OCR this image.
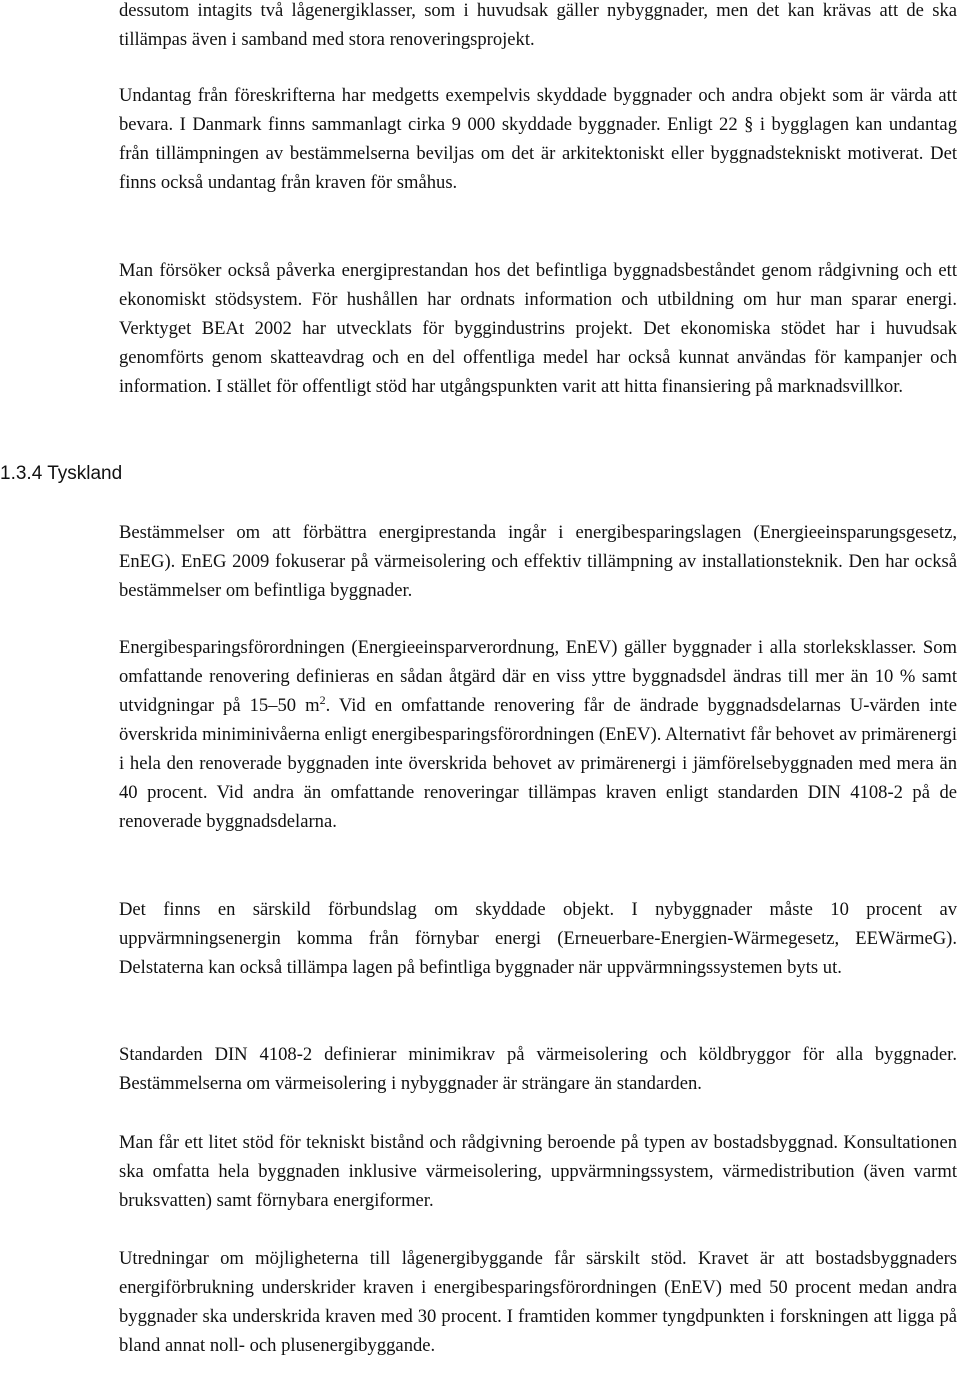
dessutom intagits två lågenergiklasser, som i huvudsak gäller nybyggnader, men det kan krävas att de ska tillämpas även i samband med stora renoveringsprojekt.

Undantag från föreskrifterna har medgetts exempelvis skyddade byggnader och andra objekt som är värda att bevara. I Danmark finns sammanlagt cirka 9 000 skyddade byggnader. Enligt 22 § i bygglagen kan undantag från tillämpningen av bestämmelserna beviljas om det är arkitektoniskt eller byggnadstekniskt motiverat. Det finns också undantag från kraven för småhus.

Man försöker också påverka energiprestandan hos det befintliga byggnadsbeståndet genom rådgivning och ett ekonomiskt stödsystem. För hushållen har ordnats information och utbildning om hur man sparar energi. Verktyget BEAt 2002 har utvecklats för byggindustrins projekt. Det ekonomiska stödet har i huvudsak genomförts genom skatteavdrag och en del offentliga medel har också kunnat användas för kampanjer och information. I stället för offentligt stöd har utgångspunkten varit att hitta finansiering på marknadsvillkor.

1.3.4 Tyskland

Bestämmelser om att förbättra energiprestanda ingår i energibesparingslagen (Energieeinsparungsgesetz, EnEG). EnEG 2009 fokuserar på värmeisolering och effektiv tillämpning av installationsteknik. Den har också bestämmelser om befintliga byggnader.

Energibesparingsförordningen (Energieeinsparverordnung, EnEV) gäller byggnader i alla storleksklasser. Som omfattande renovering definieras en sådan åtgärd där en viss yttre byggnadsdel ändras till mer än 10 % samt utvidgningar på 15–50 $m^2$. Vid en omfattande renovering får de ändrade byggnadsdelarnas U-värden inte överskrida miniminivåerna enligt energibesparingsförordningen (EnEV). Alternativt får behovet av primärenergi i hela den renoverade byggnaden inte överskrida behovet av primärenergi i jämförelsebyggnaden med mera än 40 procent. Vid andra än omfattande renoveringar tillämpas kraven enligt standarden DIN 4108-2 på de renoverade byggnadsdelarna.

Det finns en särskild förbundslag om skyddade objekt. I nybyggnader måste 10 procent av uppvärmningsenergin komma från förnybar energi (Erneuerbare-Energien-Wärmegesetz, EEWärmeG). Delstaterna kan också tillämpa lagen på befintliga byggnader när uppvärmningssystemen byts ut.

Standarden DIN 4108-2 definierar minimikrav på värmeisolering och köldbryggor för alla byggnader. Bestämmelserna om värmeisolering i nybyggnader är strängare än standarden.

Man får ett litet stöd för tekniskt bistånd och rådgivning beroende på typen av bostadsbyggnad. Konsultationen ska omfatta hela byggnaden inklusive värmeisolering, uppvärmningssystem, värmedistribution (även varmt bruksvatten) samt förnybara energiformer.

Utredningar om möjligheterna till lågenergibyggande får särskilt stöd. Kravet är att bostadsbyggnaders energiförbrukning underskrider kraven i energibesparingsförordningen (EnEV) med 50 procent medan andra byggnader ska underskrida kraven med 30 procent. I framtiden kommer tyngdpunkten i forskningen att ligga på bland annat noll- och plusenergibyggande.
